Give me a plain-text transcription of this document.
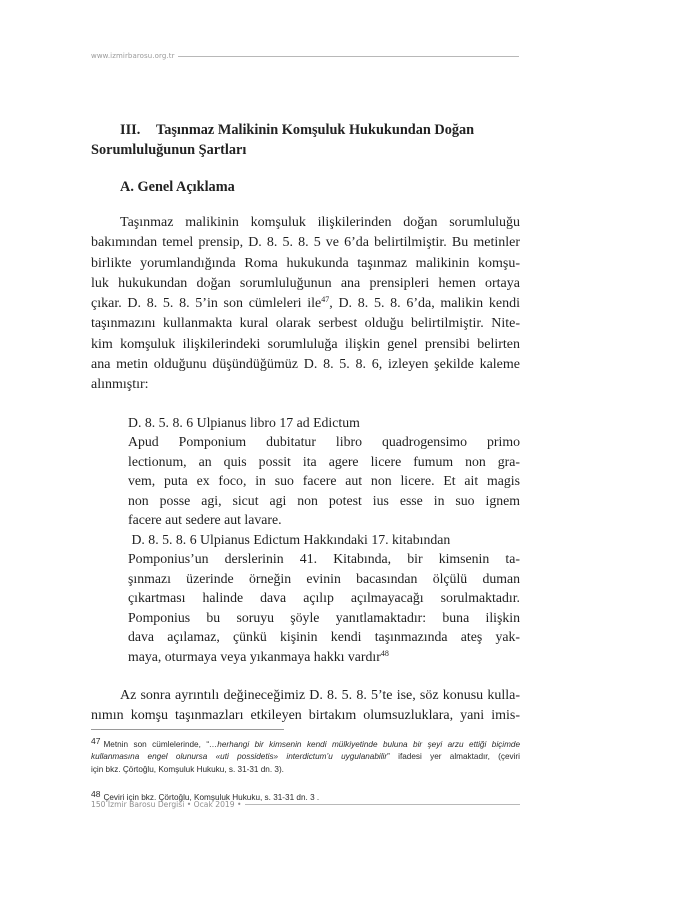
www.izmirbarosu.org.tr

III. Taşınmaz Malikinin Komşuluk Hukukundan Doğan

Sorumluluğunun Şartları

A. Genel Açıklama

Taşınmaz malikinin komşuluk ilişkilerinden doğan sorumluluğu
bakımından temel prensip, D. 8. 5. 8. 5 ve 6’da belirtilmiştir. Bu metinler
birlikte yorumlandığında Roma hukukunda taşınmaz malikinin komşu-
luk hukukundan doğan sorumluluğunun ana prensipleri hemen ortaya
çıkar. D. 8. 5. 8. 5’in son cümleleri ile$^{47}$, D. 8. 5. 8. 6’da, malikin kendi
taşınmazını kullanmakta kural olarak serbest olduğu belirtilmiştir. Nite-
kim komşuluk ilişkilerindeki sorumluluğa ilişkin genel prensibi belirten
ana metin olduğunu düşündüğümüz D. 8. 5. 8. 6, izleyen şekilde kaleme
alınmıştır:
D. 8. 5. 8. 6 Ulpianus libro 17 ad Edictum
Apud Pomponium dubitatur libro quadrogensimo primo
lectionum, an quis possit ita agere licere fumum non gra-
vem, puta ex foco, in suo facere aut non licere. Et ait magis
non posse agi, sicut agi non potest ius esse in suo ignem
facere aut sedere aut lavare.
D. 8. 5. 8. 6 Ulpianus Edictum Hakkındaki 17. kitabından
Pomponius’un derslerinin 41. Kitabında, bir kimsenin ta-
şınmazı üzerinde örneğin evinin bacasından ölçülü duman
çıkartması halinde dava açılıp açılmayacağı sorulmaktadır.
Pomponius bu soruyu şöyle yanıtlamaktadır: buna ilişkin
dava açılamaz, çünkü kişinin kendi taşınmazında ateş yak-
maya, oturmaya veya yıkanmaya hakkı vardır$^{48}$
Az sonra ayrıntılı değineceğimiz D. 8. 5. 8. 5’te ise, söz konusu kulla-
nımın komşu taşınmazları etkileyen birtakım olumsuzluklara, yani imis-
47 Metnin son cümlelerinde, “…herhangi bir kimsenin kendi mülkiyetinde buluna bir şeyi arzu ettiği biçimde
kullanmasına engel olunursa «uti possidetis» interdictum’u uygulanabilir” ifadesi yer almaktadır, (çeviri
için bkz. Çörtoğlu, Komşuluk Hukuku, s. 31-31 dn. 3).
48 Çeviri için bkz. Çörtoğlu, Komşuluk Hukuku, s. 31-31 dn. 3 .
150 İzmir Barosu Dergisi • Ocak 2019 •
